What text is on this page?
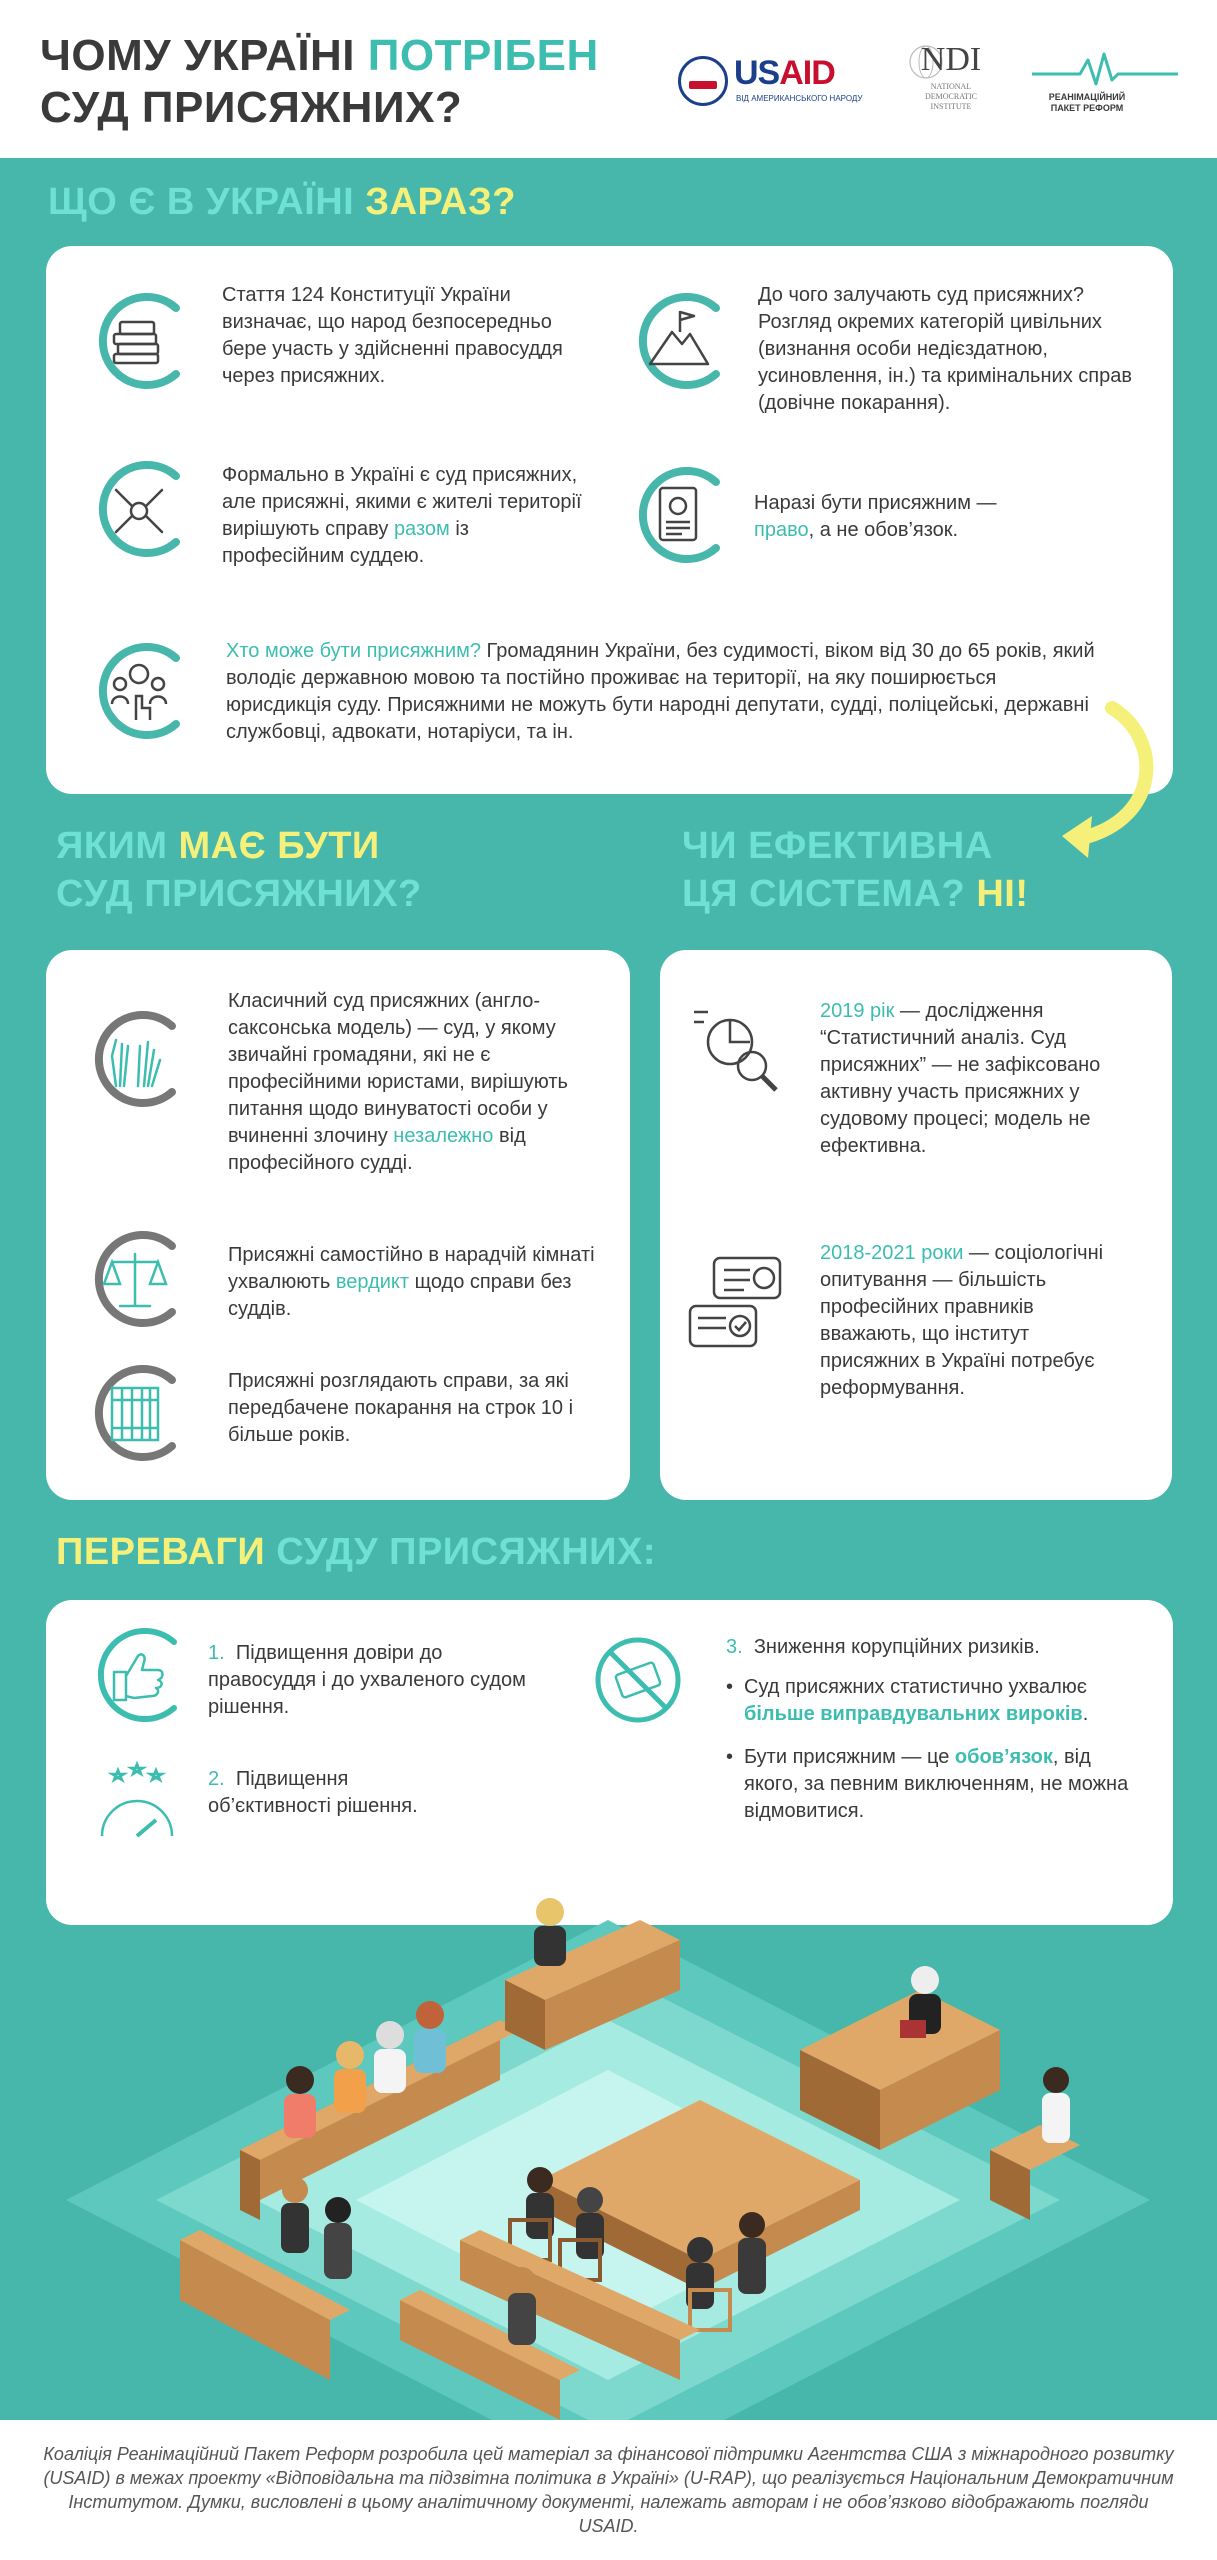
ЧОМУ УКРАЇНІ ПОТРІБЕН
СУД ПРИСЯЖНИХ?
USAID
ВІД АМЕРИКАНСЬКОГО НАРОДУ
NDI
NATIONAL
DEMOCRATIC
INSTITUTE
РЕАНІМАЦІЙНИЙ ПАКЕТ РЕФОРМ
ЩО Є В УКРАЇНІ ЗАРАЗ?
Стаття 124 Конституції України визначає, що народ безпосередньо бере участь у здійсненні правосуддя через присяжних.
Формально в Україні є суд присяжних, але присяжні, якими є жителі території вирішують справу разом із професійним суддею.
До чого залучають суд присяжних? Розгляд окремих категорій цивільних (визнання особи недієздатною, усиновлення, ін.) та кримінальних справ (довічне покарання).
Наразі бути присяжним —
право, а не обов’язок.
Хто може бути присяжним? Громадянин України, без судимості, віком від 30 до 65 років, який володіє державною мовою та постійно проживає на території, на яку поширюється юрисдикція суду. Присяжними не можуть бути народні депутати, судді, поліцейські, державні службовці, адвокати, нотаріуси, та ін.
ЯКИМ МАЄ БУТИ
СУД ПРИСЯЖНИХ?
ЧИ ЕФЕКТИВНА
ЦЯ СИСТЕМА? НІ!
Класичний суд присяжних (англо-саксонська модель) — суд, у якому звичайні громадяни, які не є професійними юристами, вирішують питання щодо винуватості особи у вчиненні злочину незалежно від професійного судді.
Присяжні самостійно в нарадчій кімнаті ухвалюють вердикт щодо справи без суддів.
Присяжні розглядають справи, за які передбачене покарання на строк 10 і більше років.
2019 рік — дослідження “Статистичний аналіз. Суд присяжних” — не зафіксовано активну участь присяжних у судовому процесі; модель не ефективна.
2018-2021 роки — соціологічні опитування — більшість професійних правників вважають, що інститут присяжних в Україні потребує реформування.
ПЕРЕВАГИ СУДУ ПРИСЯЖНИХ:
1. Підвищення довіри до правосуддя і до ухваленого судом рішення.
2. Підвищення об’єктивності рішення.
3. Зниження корупційних ризиків.
• Суд присяжних статистично ухвалює більше виправдувальних вироків.
• Бути присяжним — це обов’язок, від якого, за певним виключенням, не можна відмовитися.
Коаліція Реанімаційний Пакет Реформ розробила цей матеріал за фінансової підтримки Агентства США з міжнародного розвитку (USAID) в межах проекту «Відповідальна та підзвітна політика в Україні» (U-RAP), що реалізується Національним Демократичним Інститутом. Думки, висловлені в цьому аналітичному документі, належать авторам і не обов’язково відображають погляди USAID.
